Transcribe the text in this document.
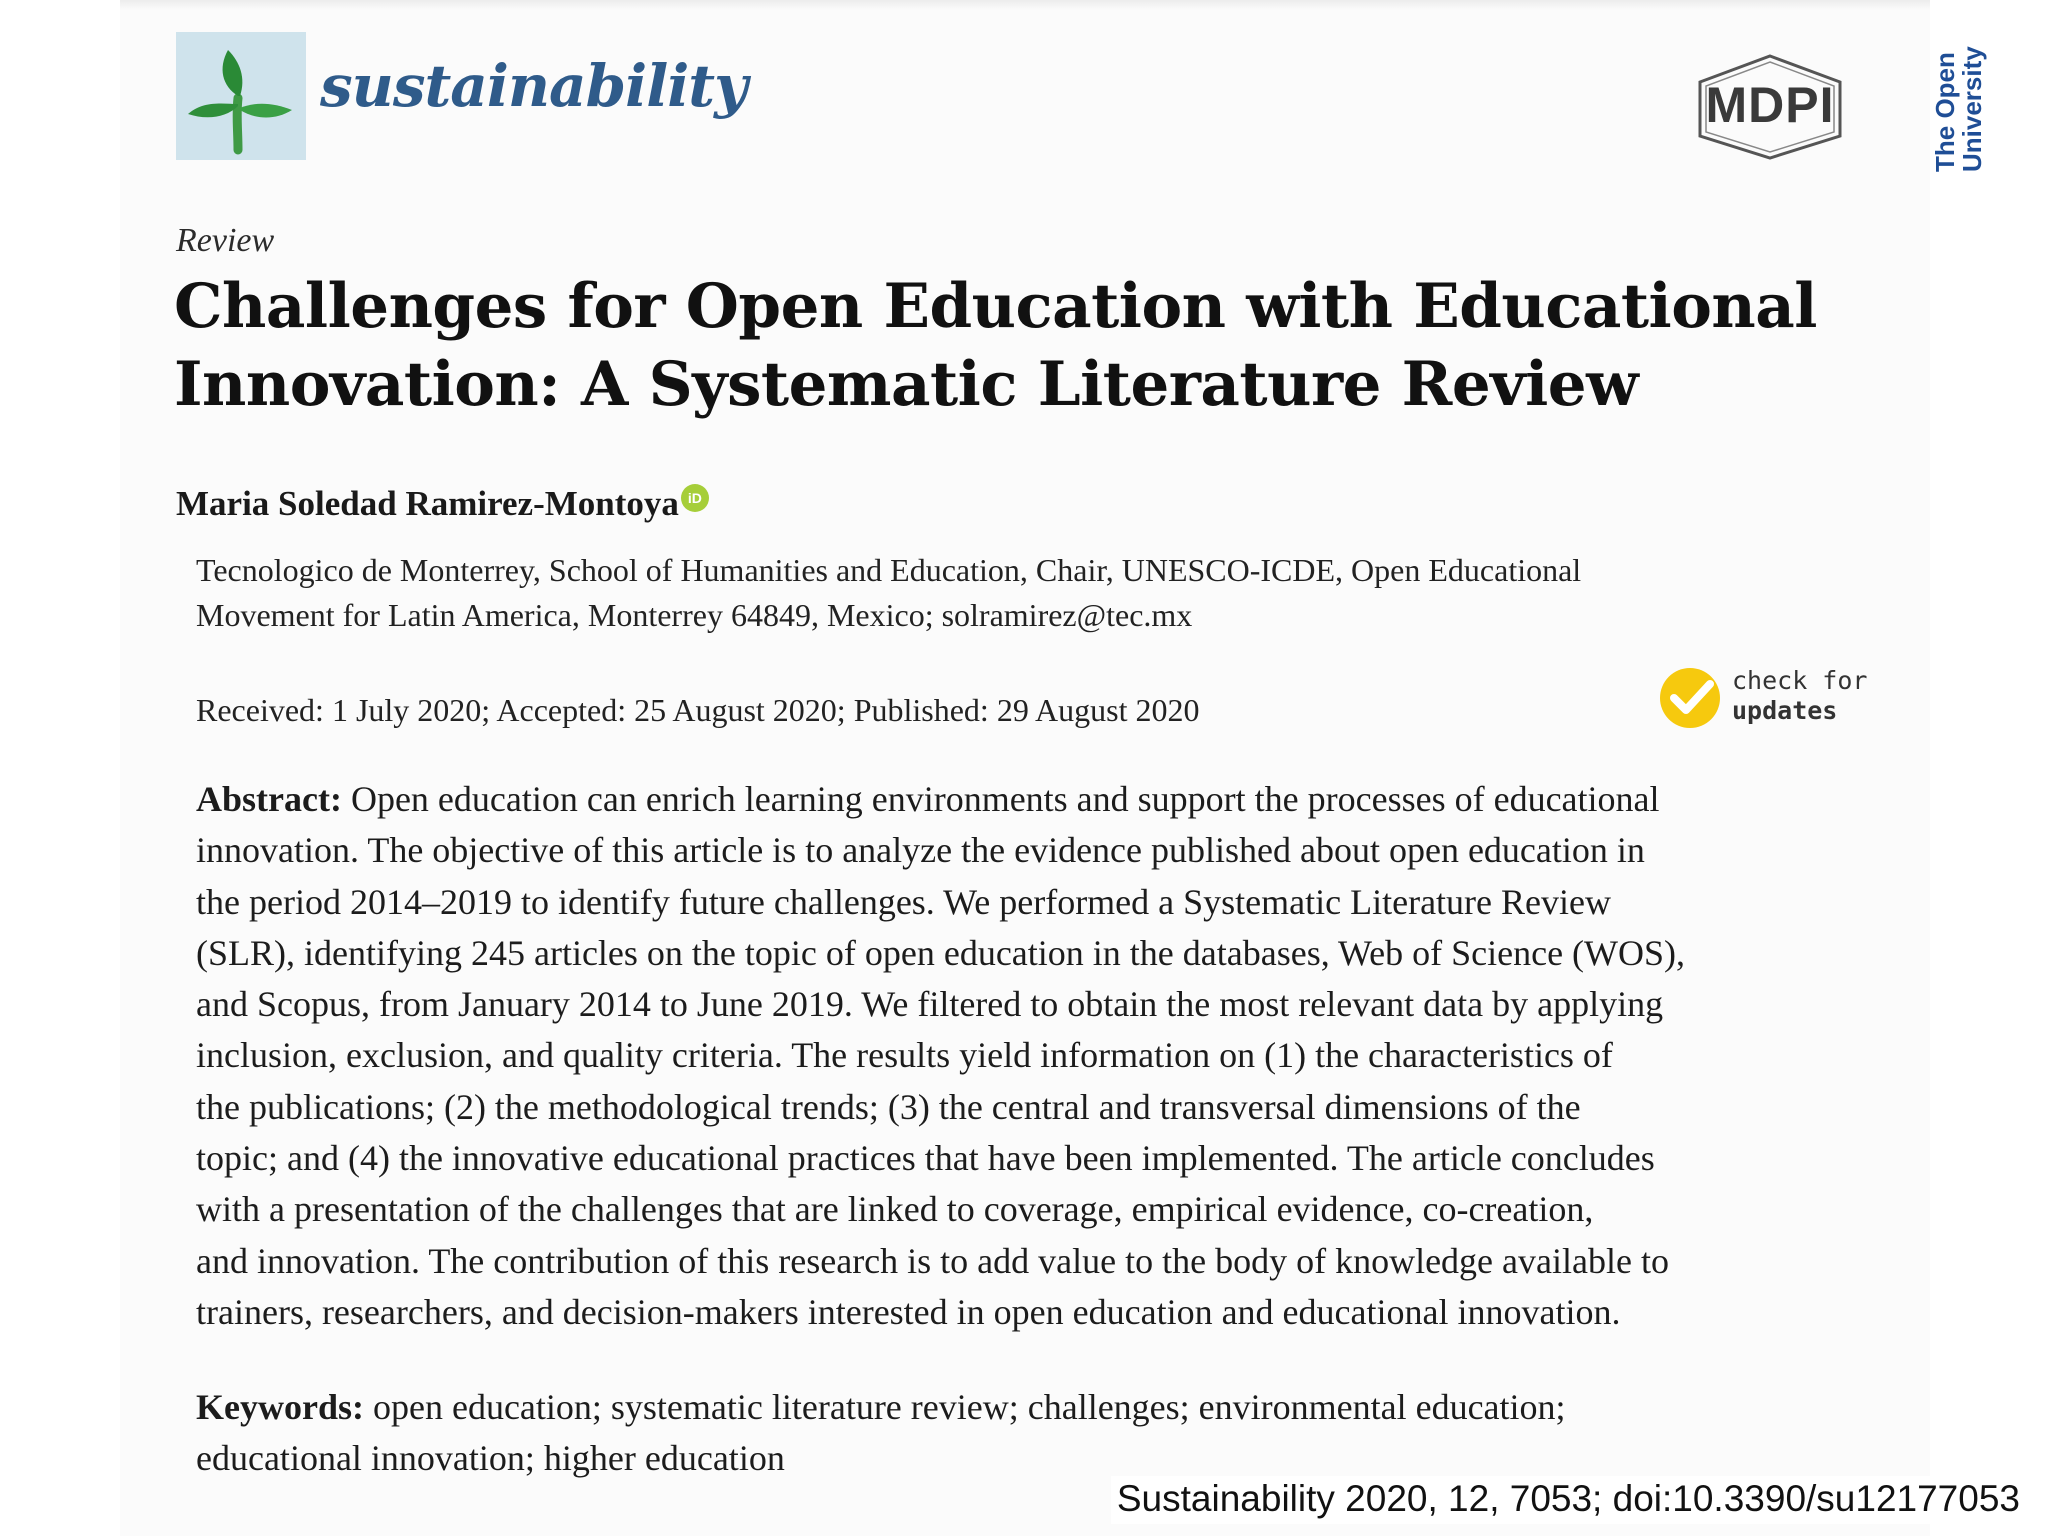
sustainability	MDPI	The Open
University
Review
Challenges for Open Education with Educational
Innovation: A Systematic Literature Review
Maria Soledad Ramirez-Montoya iD
Tecnologico de Monterrey, School of Humanities and Education, Chair, UNESCO-ICDE, Open Educational
Movement for Latin America, Monterrey 64849, Mexico; solramirez@tec.mx
Received: 1 July 2020; Accepted: 25 August 2020; Published: 29 August 2020
check for
updates
Abstract: Open education can enrich learning environments and support the processes of educational
innovation. The objective of this article is to analyze the evidence published about open education in
the period 2014–2019 to identify future challenges. We performed a Systematic Literature Review
(SLR), identifying 245 articles on the topic of open education in the databases, Web of Science (WOS),
and Scopus, from January 2014 to June 2019. We filtered to obtain the most relevant data by applying
inclusion, exclusion, and quality criteria. The results yield information on (1) the characteristics of
the publications; (2) the methodological trends; (3) the central and transversal dimensions of the
topic; and (4) the innovative educational practices that have been implemented. The article concludes
with a presentation of the challenges that are linked to coverage, empirical evidence, co-creation,
and innovation. The contribution of this research is to add value to the body of knowledge available to
trainers, researchers, and decision-makers interested in open education and educational innovation.
Keywords: open education; systematic literature review; challenges; environmental education;
educational innovation; higher education
Sustainability 2020, 12, 7053; doi:10.3390/su12177053
